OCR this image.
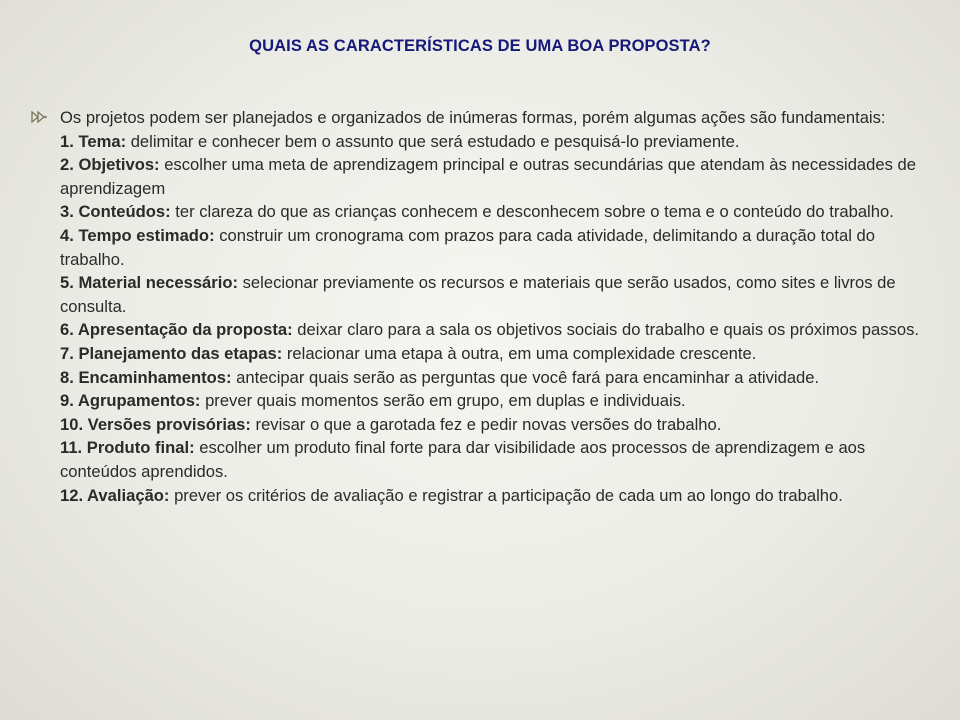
QUAIS AS CARACTERÍSTICAS DE UMA BOA PROPOSTA?
Os projetos podem ser planejados e organizados de inúmeras formas, porém algumas ações são fundamentais:
1. Tema: delimitar e conhecer bem o assunto que será estudado e pesquisá-lo previamente.
2. Objetivos: escolher uma meta de aprendizagem principal e outras secundárias que atendam às necessidades de aprendizagem
3. Conteúdos: ter clareza do que as crianças conhecem e desconhecem sobre o tema e o conteúdo do trabalho.
4. Tempo estimado: construir um cronograma com prazos para cada atividade, delimitando a duração total do trabalho.
5. Material necessário: selecionar previamente os recursos e materiais que serão usados, como sites e livros de consulta.
6. Apresentação da proposta: deixar claro para a sala os objetivos sociais do trabalho e quais os próximos passos.
7. Planejamento das etapas: relacionar uma etapa à outra, em uma complexidade crescente.
8. Encaminhamentos: antecipar quais serão as perguntas que você fará para encaminhar a atividade.
9. Agrupamentos: prever quais momentos serão em grupo, em duplas e individuais.
10. Versões provisórias: revisar o que a garotada fez e pedir novas versões do trabalho.
11. Produto final: escolher um produto final forte para dar visibilidade aos processos de aprendizagem e aos conteúdos aprendidos.
12. Avaliação: prever os critérios de avaliação e registrar a participação de cada um ao longo do trabalho.
